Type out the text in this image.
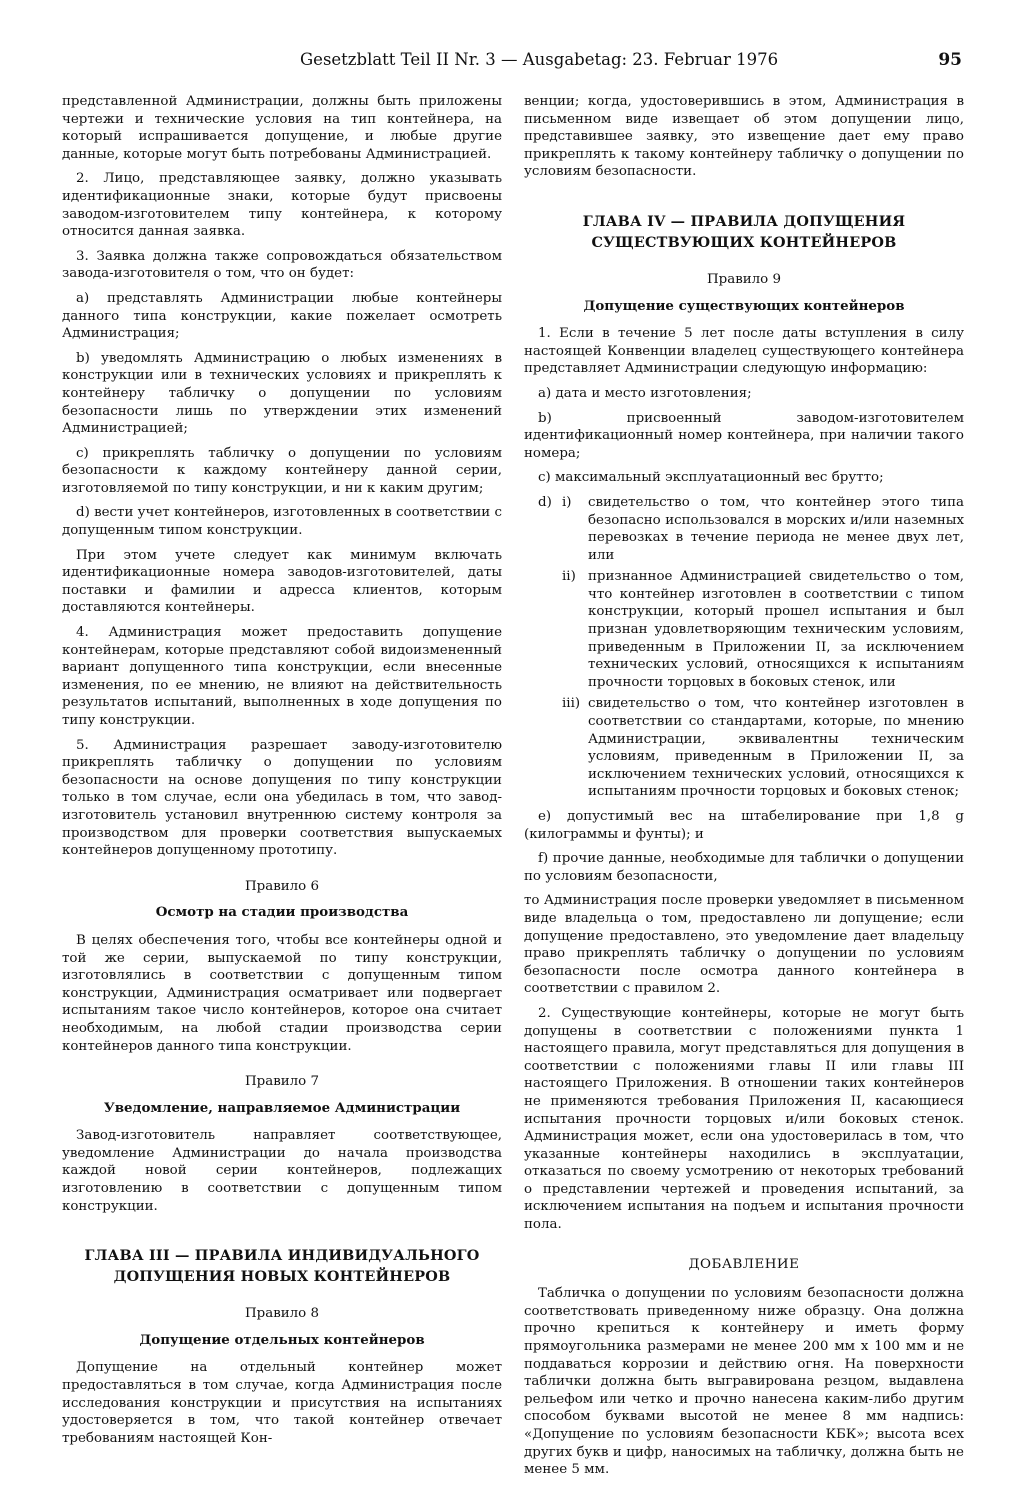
Gesetzblatt Teil II Nr. 3 — Ausgabetag: 23. Februar 1976	95

представленной Администрации, должны быть приложены чертежи и технические условия на тип контейнера, на который испрашивается допущение, и любые другие данные, которые могут быть потребованы Администрацией.

2. Лицо, представляющее заявку, должно указывать идентификационные знаки, которые будут присвоены заводом-изготовителем типу контейнера, к которому относится данная заявка.

3. Заявка должна также сопровождаться обязательством завода-изготовителя о том, что он будет:

a) представлять Администрации любые контейнеры данного типа конструкции, какие пожелает осмотреть Администрация;

b) уведомлять Администрацию о любых изменениях в конструкции или в технических условиях и прикреплять к контейнеру табличку о допущении по условиям безопасности лишь по утверждении этих изменений Администрацией;

c) прикреплять табличку о допущении по условиям безопасности к каждому контейнеру данной серии, изготовляемой по типу конструкции, и ни к каким другим;

d) вести учет контейнеров, изготовленных в соответствии с допущенным типом конструкции.

При этом учете следует как минимум включать идентификационные номера заводов-изготовителей, даты поставки и фамилии и адресса клиентов, которым доставляются контейнеры.

4. Администрация может предоставить допущение контейнерам, которые представляют собой видоизмененный вариант допущенного типа конструкции, если внесенные изменения, по ее мнению, не влияют на действительность результатов испытаний, выполненных в ходе допущения по типу конструкции.

5. Администрация разрешает заводу-изготовителю прикреплять табличку о допущении по условиям безопасности на основе допущения по типу конструкции только в том случае, если она убедилась в том, что завод-изготовитель установил внутреннюю систему контроля за производством для проверки соответствия выпускаемых контейнеров допущенному прототипу.

Правило 6
Осмотр на стадии производства

В целях обеспечения того, чтобы все контейнеры одной и той же серии, выпускаемой по типу конструкции, изготовлялись в соответствии с допущенным типом конструкции, Администрация осматривает или подвергает испытаниям такое число контейнеров, которое она считает необходимым, на любой стадии производства серии контейнеров данного типа конструкции.

Правило 7
Уведомление, направляемое Администрации

Завод-изготовитель направляет соответствующее, уведомление Администрации до начала производства каждой новой серии контейнеров, подлежащих изготовлению в соответствии с допущенным типом конструкции.

ГЛАВА III — ПРАВИЛА ИНДИВИДУАЛЬНОГО
ДОПУЩЕНИЯ НОВЫХ КОНТЕЙНЕРОВ
Правило 8
Допущение отдельных контейнеров

Допущение на отдельный контейнер может предоставляться в том случае, когда Администрация после исследования конструкции и присутствия на испытаниях удостоверяется в том, что такой контейнер отвечает требованиям настоящей Кон-

венции; когда, удостоверившись в этом, Администрация в письменном виде извещает об этом допущении лицо, представившее заявку, это извещение дает ему право прикреплять к такому контейнеру табличку о допущении по условиям безопасности.

ГЛАВА IV — ПРАВИЛА ДОПУЩЕНИЯ
СУЩЕСТВУЮЩИХ КОНТЕЙНЕРОВ
Правило 9
Допущение существующих контейнеров

1. Если в течение 5 лет после даты вступления в силу настоящей Конвенции владелец существующего контейнера представляет Администрации следующую информацию:

a) дата и место изготовления;

b) присвоенный заводом-изготовителем идентификационный номер контейнера, при наличии такого номера;

c) максимальный эксплуатационный вес брутто;

d) i)	свидетельство о том, что контейнер этого типа безопасно использовался в морских и/или наземных перевозках в течение периода не менее двух лет, или
ii) признанное Администрацией свидетельство о том, что контейнер изготовлен в соответствии с типом конструкции, который прошел испытания и был признан удовлетворяющим техническим условиям, приведенным в Приложении II, за исключением технических условий, относящихся к испытаниям прочности торцовых в боковых стенок, или
iii) свидетельство о том, что контейнер изготовлен в соответствии со стандартами, которые, по мнению Администрации, эквивалентны техническим условиям, приведенным в Приложении II, за исключением технических условий, относящихся к испытаниям прочности торцовых и боковых стенок;

e) допустимый вес на штабелирование при 1,8 g (килограммы и фунты); и

f) прочие данные, необходимые для таблички о допущении по условиям безопасности,

то Администрация после проверки уведомляет в письменном виде владельца о том, предоставлено ли допущение; если допущение предоставлено, это уведомление дает владельцу право прикреплять табличку о допущении по условиям безопасности после осмотра данного контейнера в соответствии с правилом 2.

2. Существующие контейнеры, которые не могут быть допущены в соответствии с положениями пункта 1 настоящего правила, могут представляться для допущения в соответствии с положениями главы II или главы III настоящего Приложения. В отношении таких контейнеров не применяются требования Приложения II, касающиеся испытания прочности торцовых и/или боковых стенок. Администрация может, если она удостоверилась в том, что указанные контейнеры находились в эксплуатации, отказаться по своему усмотрению от некоторых требований о представлении чертежей и проведения испытаний, за исключением испытания на подъем и испытания прочности пола.

ДОБАВЛЕНИЕ

Табличка о допущении по условиям безопасности должна соответствовать приведенному ниже образцу. Она должна прочно крепиться к контейнеру и иметь форму прямоугольника размерами не менее 200 мм x 100 мм и не поддаваться коррозии и действию огня. На поверхности таблички должна быть выгравирована резцом, выдавлена рельефом или четко и прочно нанесена каким-либо другим способом буквами высотой не менее 8 мм надпись: «Допущение по условиям безопасности КБК»; высота всех других букв и цифр, наносимых на табличку, должна быть не менее 5 мм.
